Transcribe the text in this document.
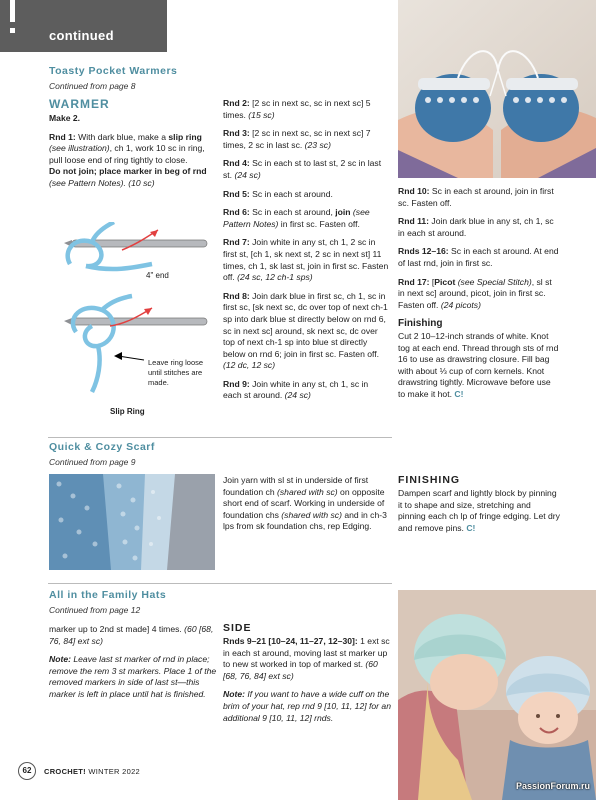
continued
Toasty Pocket Warmers
Continued from page 8
WARMER

Make 2.

Rnd 1: With dark blue, make a slip ring (see illustration), ch 1, work 10 sc in ring, pull loose end of ring tightly to close.
Do not join; place marker in beg of rnd (see Pattern Notes). (10 sc)

4" end
Leave ring loose until stitches are made.
Slip Ring

Rnd 2: [2 sc in next sc, sc in next sc] 5 times. (15 sc)

Rnd 3: [2 sc in next sc, sc in next sc] 7 times, 2 sc in last sc. (23 sc)

Rnd 4: Sc in each st to last st, 2 sc in last st. (24 sc)

Rnd 5: Sc in each st around.

Rnd 6: Sc in each st around, join (see Pattern Notes) in first sc. Fasten off.

Rnd 7: Join white in any st, ch 1, 2 sc in first st, [ch 1, sk next st, 2 sc in next st] 11 times, ch 1, sk last st, join in first sc. Fasten off. (24 sc, 12 ch-1 sps)

Rnd 8: Join dark blue in first sc, ch 1, sc in first sc, [sk next sc, dc over top of next ch-1 sp into dark blue st directly below on rnd 6, sc in next sc] around, sk next sc, dc over top of next ch-1 sp into blue st directly below on rnd 6; join in first sc. Fasten off. (12 dc, 12 sc)

Rnd 9: Join white in any st, ch 1, sc in each st around. (24 sc)

Rnd 10: Sc in each st around, join in first sc. Fasten off.

Rnd 11: Join dark blue in any st, ch 1, sc in each st around.

Rnds 12–16: Sc in each st around. At end of last rnd, join in first sc.

Rnd 17: [Picot (see Special Stitch), sl st in next sc] around, picot, join in first sc. Fasten off. (24 picots)

Finishing

Cut 2 10–12-inch strands of white. Knot tog at each end. Thread through sts of rnd 16 to use as drawstring closure. Fill bag with about ⅓ cup of corn kernels. Knot drawstring tightly. Microwave before use to make it hot. C!

Quick & Cozy Scarf
Continued from page 9

Join yarn with sl st in underside of first foundation ch (shared with sc) on opposite short end of scarf. Working in underside of foundation chs (shared with sc) and in ch-3 lps from sk foundation chs, rep Edging.

FINISHING

Dampen scarf and lightly block by pinning it to shape and size, stretching and pinning each ch lp of fringe edging. Let dry and remove pins. C!

All in the Family Hats
Continued from page 12

marker up to 2nd st made] 4 times. (60 [68, 76, 84] ext sc)

Note: Leave last st marker of rnd in place; remove the rem 3 st markers. Place 1 of the removed markers in side of last st—this marker is left in place until hat is finished.

SIDE

Rnds 9–21 [10–24, 11–27, 12–30]: 1 ext sc in each st around, moving last st marker up to new st worked in top of marked st. (60 [68, 76, 84] ext sc)

Note: If you want to have a wide cuff on the brim of your hat, rep rnd 9 [10, 11, 12] for an additional 9 [10, 11, 12] rnds.

62	CROCHET! WINTER 2022
PassionForum.ru
